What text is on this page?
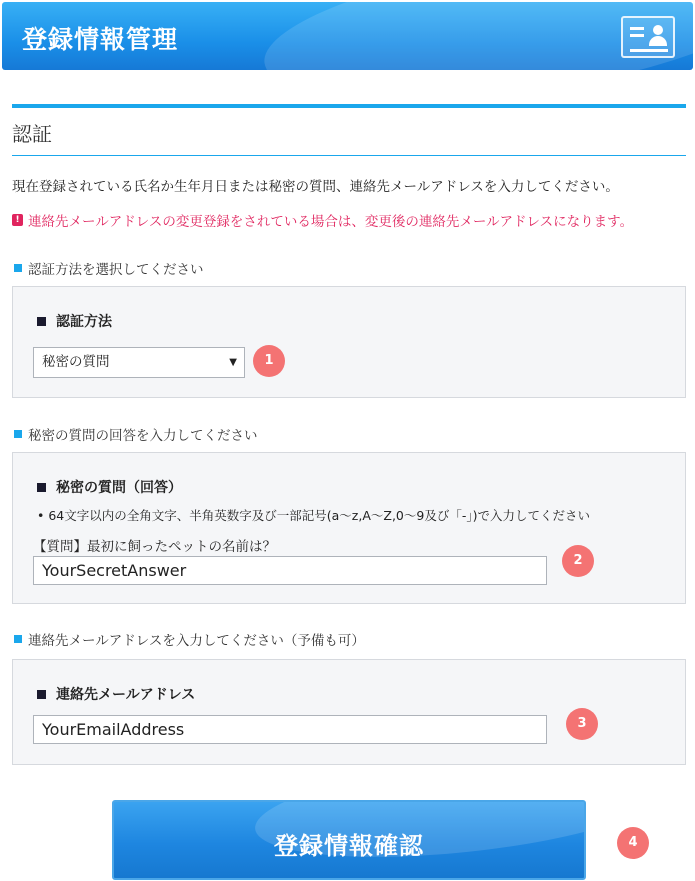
登録情報管理
認証
現在登録されている氏名か生年月日または秘密の質問、連絡先メールアドレスを入力してください。
! 連絡先メールアドレスの変更登録をされている場合は、変更後の連絡先メールアドレスになります。
認証方法を選択してください
認証方法
秘密の質問	▼	1
秘密の質問の回答を入力してください
秘密の質問（回答）
• 64文字以内の全角文字、半角英数字及び一部記号(a～z,A～Z,0～9及び「-」)で入力してください
【質問】最初に飼ったペットの名前は？
YourSecretAnswer
2
連絡先メールアドレスを入力してください（予備も可）
連絡先メールアドレス
YourEmailAddress	3
登録情報確認	4
